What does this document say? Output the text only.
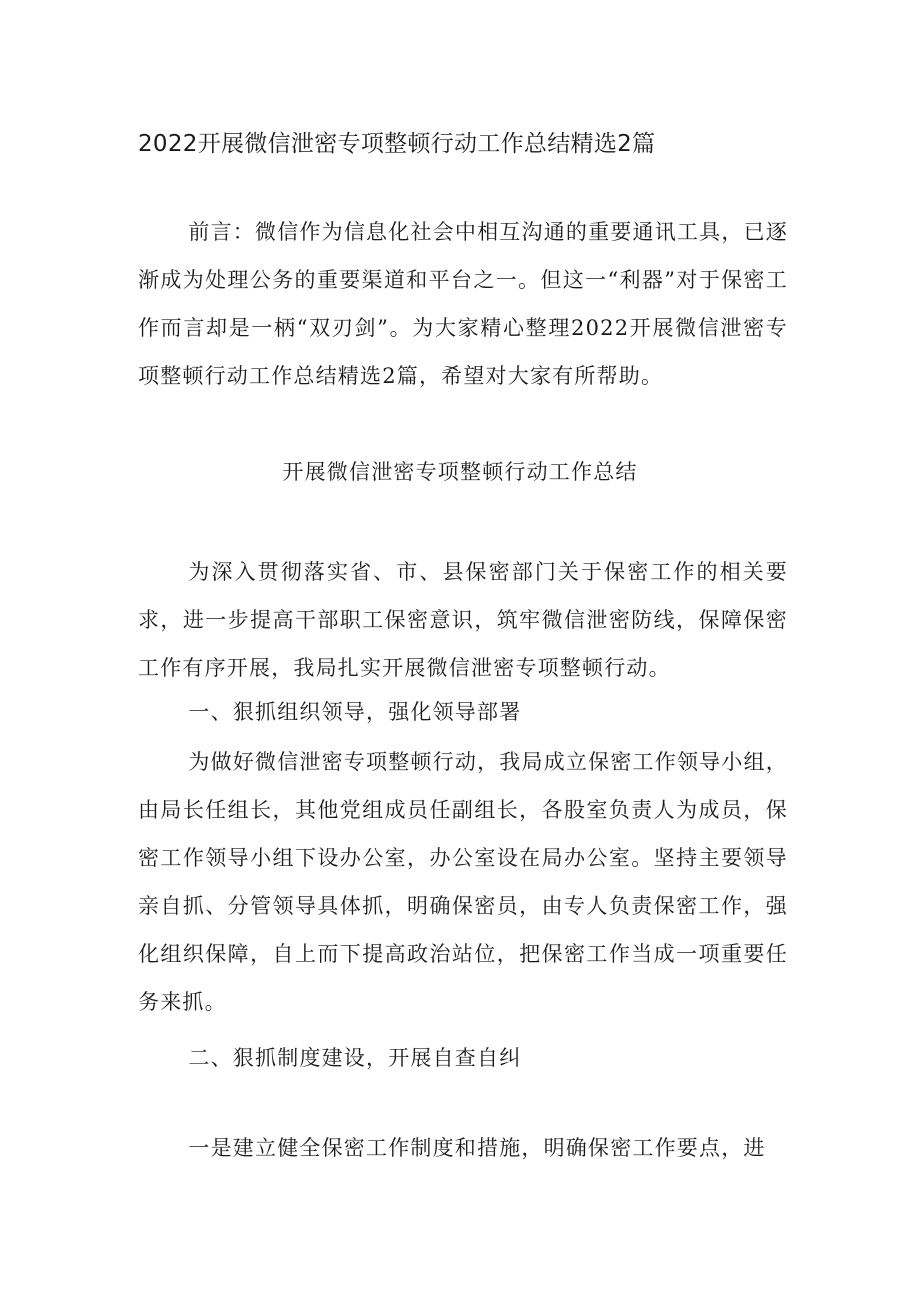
2022开展微信泄密专项整顿行动工作总结精选2篇

前言：微信作为信息化社会中相互沟通的重要通讯工具，已逐渐成为处理公务的重要渠道和平台之一。但这一“利器”对于保密工作而言却是一柄“双刃剑”。为大家精心整理2022开展微信泄密专项整顿行动工作总结精选2篇，希望对大家有所帮助。

开展微信泄密专项整顿行动工作总结

为深入贯彻落实省、市、县保密部门关于保密工作的相关要求，进一步提高干部职工保密意识，筑牢微信泄密防线，保障保密工作有序开展，我局扎实开展微信泄密专项整顿行动。

一、狠抓组织领导，强化领导部署

为做好微信泄密专项整顿行动，我局成立保密工作领导小组，由局长任组长，其他党组成员任副组长，各股室负责人为成员，保密工作领导小组下设办公室，办公室设在局办公室。坚持主要领导亲自抓、分管领导具体抓，明确保密员，由专人负责保密工作，强化组织保障，自上而下提高政治站位，把保密工作当成一项重要任务来抓。

二、狠抓制度建设，开展自查自纠

一是建立健全保密工作制度和措施，明确保密工作要点，进
